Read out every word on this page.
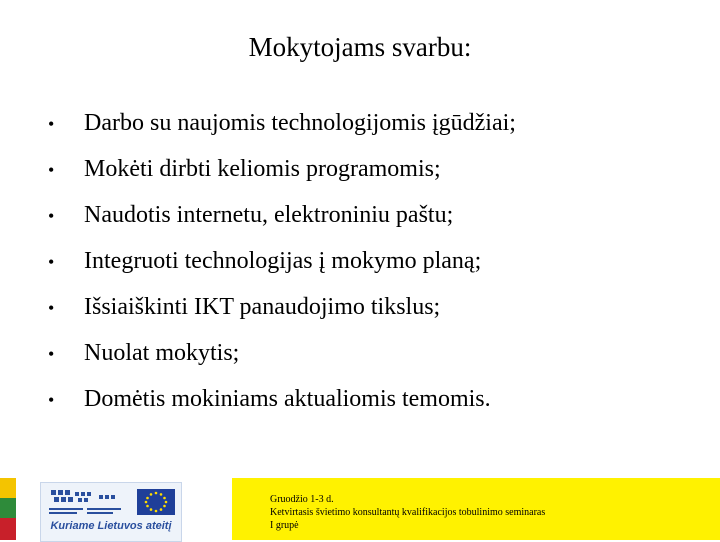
Mokytojams svarbu:
•	Darbo su naujomis technologijomis įgūdžiai;
•	Mokėti dirbti keliomis programomis;
•	Naudotis internetu, elektroniniu paštu;
•	Integruoti technologijas į mokymo planą;
•	Išsiaiškinti IKT panaudojimo tikslus;
•	Nuolat mokytis;
•	Domėtis mokiniams aktualiomis temomis.
Kuriame Lietuvos ateitį
Gruodžio 1-3 d.
Ketvirtasis švietimo konsultantų kvalifikacijos tobulinimo seminaras
I grupė
